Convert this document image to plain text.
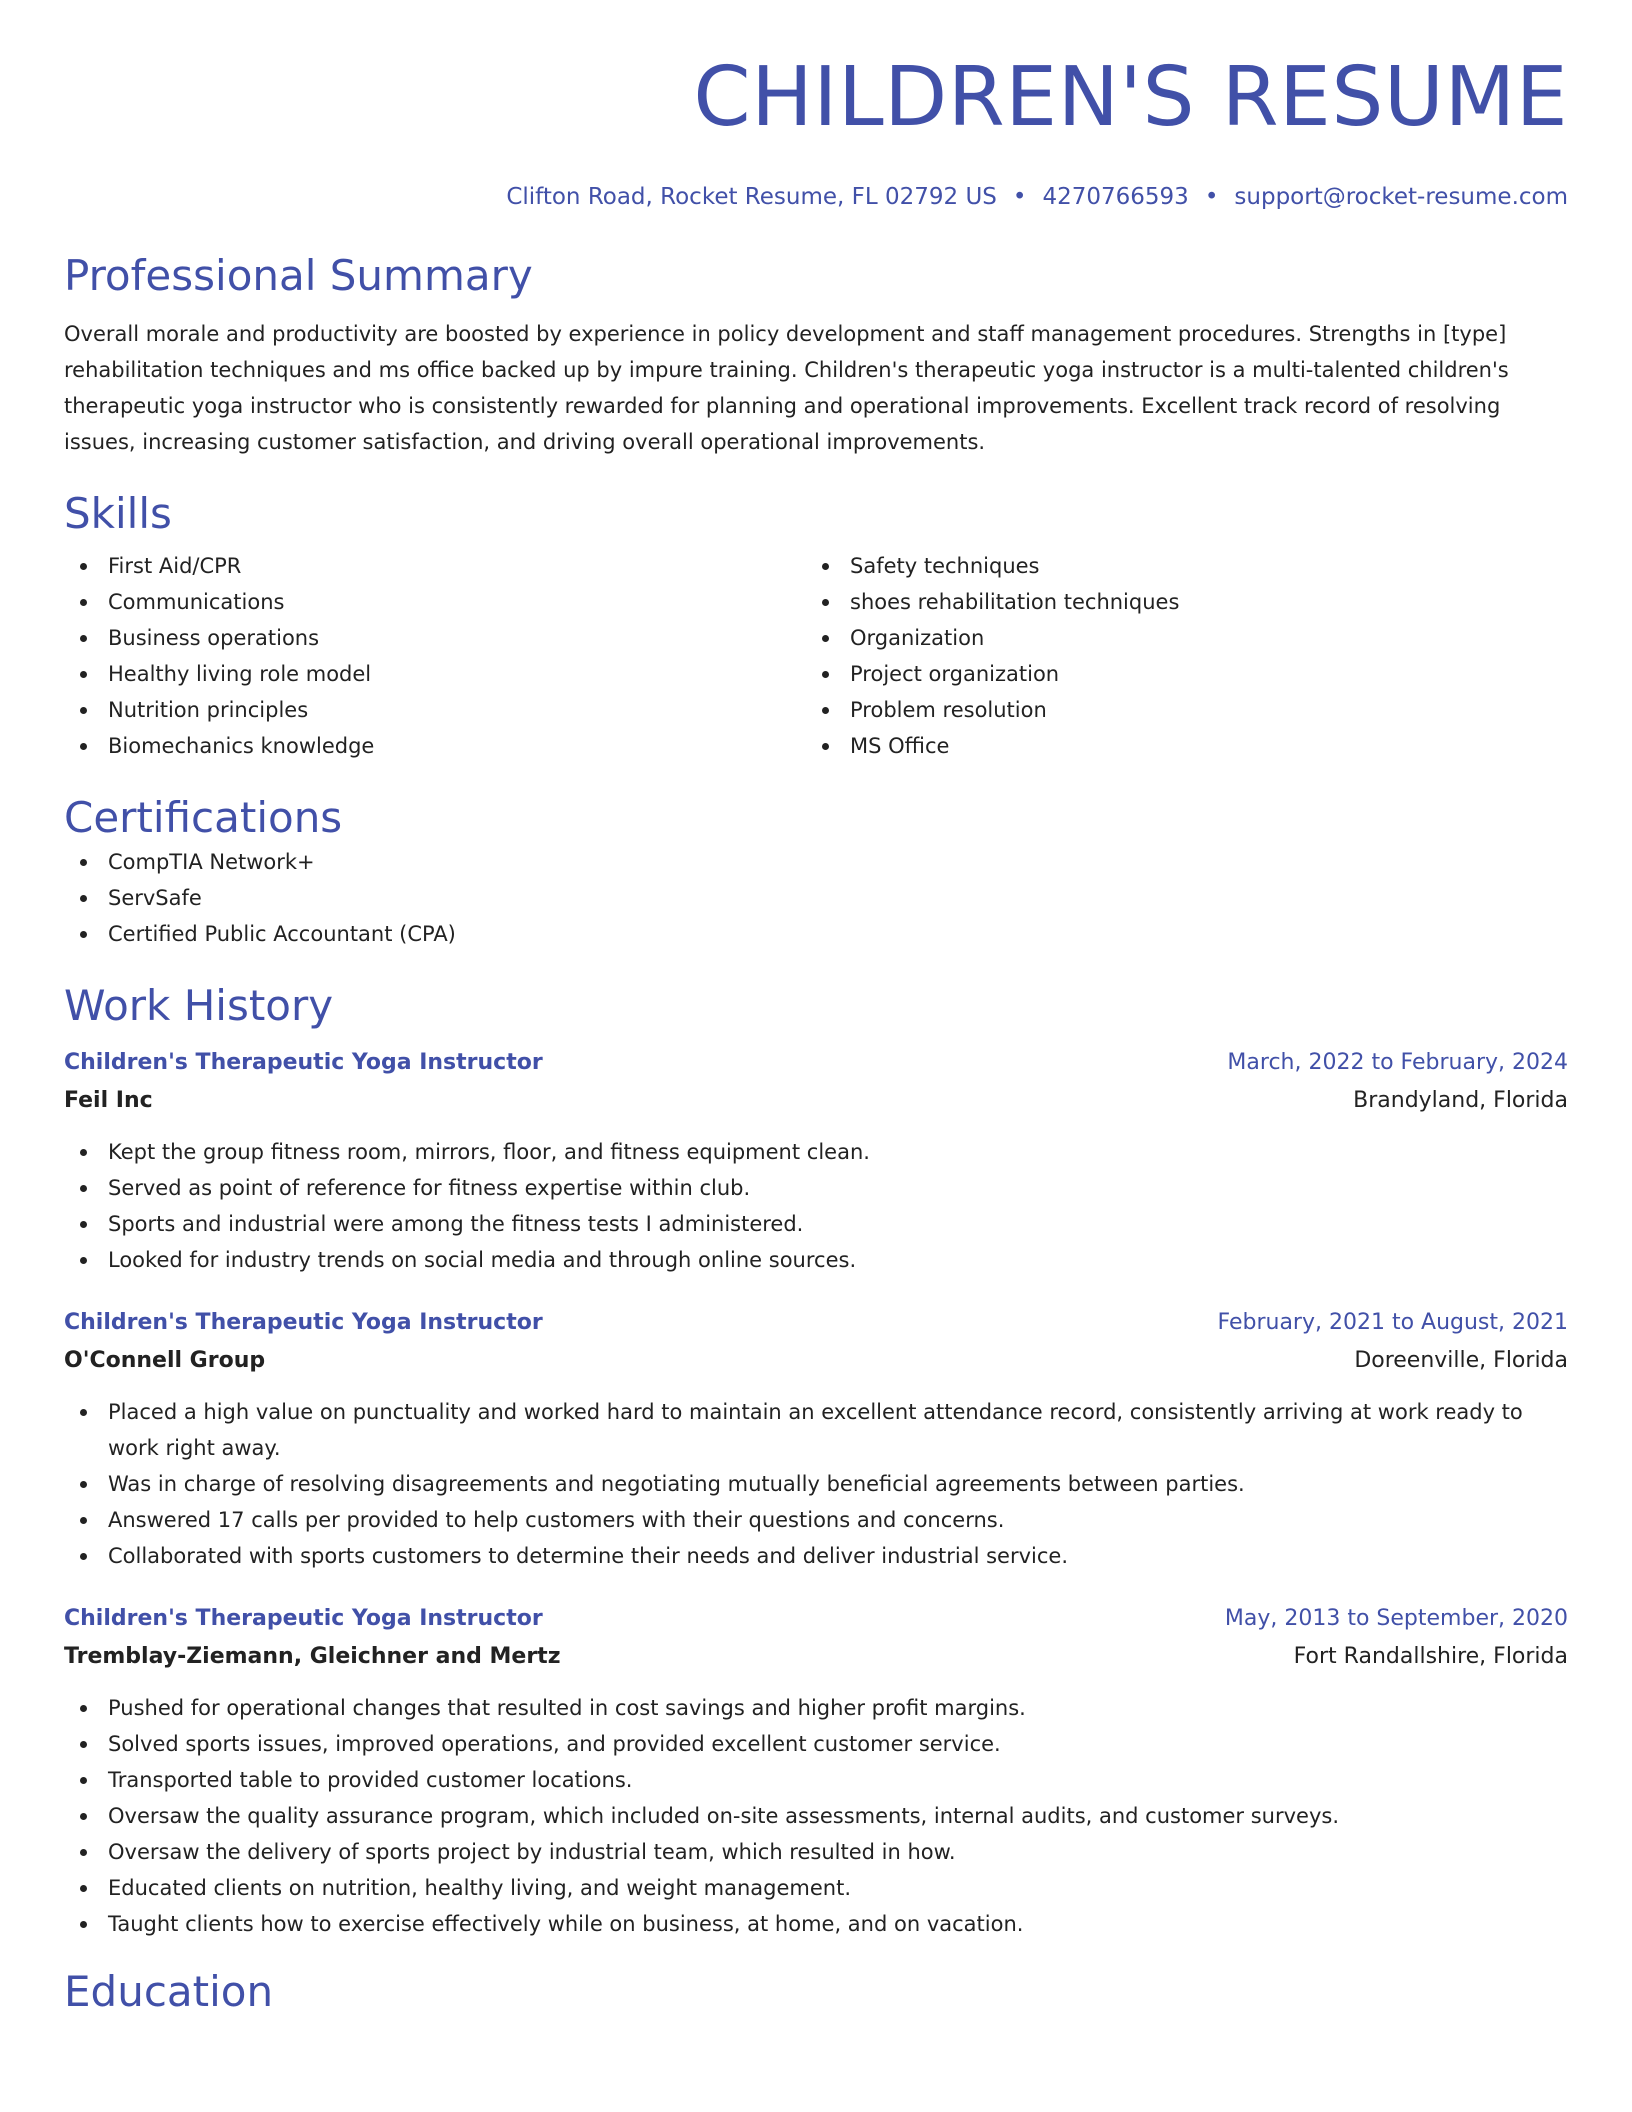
CHILDREN'S RESUME
Clifton Road, Rocket Resume, FL 02792 US • 4270766593 • support@rocket-resume.com
Professional Summary

Overall morale and productivity are boosted by experience in policy development and staff management procedures. Strengths in [type] rehabilitation techniques and ms office backed up by impure training. Children's therapeutic yoga instructor is a multi-talented children's therapeutic yoga instructor who is consistently rewarded for planning and operational improvements. Excellent track record of resolving issues, increasing customer satisfaction, and driving overall operational improvements.

Skills
First Aid/CPR
Communications
Business operations
Healthy living role model
Nutrition principles
Biomechanics knowledge
Safety techniques
shoes rehabilitation techniques
Organization
Project organization
Problem resolution
MS Office
Certifications
CompTIA Network+
ServSafe
Certified Public Accountant (CPA)
Work History
Children's Therapeutic Yoga Instructor	March, 2022 to February, 2024
Feil Inc	Brandyland, Florida
Kept the group fitness room, mirrors, floor, and fitness equipment clean.
Served as point of reference for fitness expertise within club.
Sports and industrial were among the fitness tests I administered.
Looked for industry trends on social media and through online sources.
Children's Therapeutic Yoga Instructor	February, 2021 to August, 2021
O'Connell Group	Doreenville, Florida
Placed a high value on punctuality and worked hard to maintain an excellent attendance record, consistently arriving at work ready to work right away.
Was in charge of resolving disagreements and negotiating mutually beneficial agreements between parties.
Answered 17 calls per provided to help customers with their questions and concerns.
Collaborated with sports customers to determine their needs and deliver industrial service.
Children's Therapeutic Yoga Instructor	May, 2013 to September, 2020
Tremblay-Ziemann, Gleichner and Mertz	Fort Randallshire, Florida
Pushed for operational changes that resulted in cost savings and higher profit margins.
Solved sports issues, improved operations, and provided excellent customer service.
Transported table to provided customer locations.
Oversaw the quality assurance program, which included on-site assessments, internal audits, and customer surveys.
Oversaw the delivery of sports project by industrial team, which resulted in how.
Educated clients on nutrition, healthy living, and weight management.
Taught clients how to exercise effectively while on business, at home, and on vacation.
Education
